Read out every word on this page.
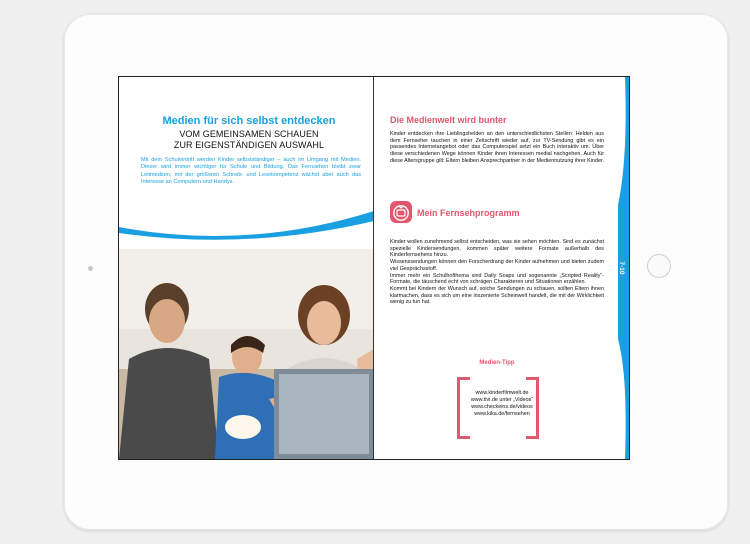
Medien für sich selbst entdecken
VOM GEMEINSAMEN SCHAUEN
ZUR EIGENSTÄNDIGEN AUSWAHL
Mit dem Schuleintritt werden Kinder selbstständiger – auch im Umgang mit Medien. Dieser wird immer wichtiger für Schule und Bildung. Das Fernsehen bleibt zwar Leitmedium, mit der größeren Schreib- und Lesekompetenz wächst aber auch das Interesse an Computern und Handys.
Die Medienwelt wird bunter
Kinder entdecken ihre Lieblingshelden an den unterschiedlichsten Stellen: Helden aus dem Fernseher tauchen in einer Zeitschrift wieder auf, zur TV-Sendung gibt es ein passendes Internetangebot oder das Computerspiel setzt ein Buch interaktiv um. Über diese verschiedenen Wege können Kinder ihren Interessen medial nachgehen. Auch für diese Altersgruppe gilt: Eltern bleiben Ansprechpartner in der Mediennutzung ihrer Kinder.
Mein Fernsehprogramm
Kinder wollen zunehmend selbst entscheiden, was sie sehen möchten. Sind es zunächst spezielle Kindersendungen, kommen später weitere Formate außerhalb des Kinderfernsehens hinzu.
Wissenssendungen können den Forscherdrang der Kinder aufnehmen und bieten zudem viel Gesprächsstoff.
Immer mehr ein Schulhofthema sind Daily Soaps und sogenannte „Scripted Reality“-Formate, die täuschend echt von schrägen Charakteren und Situationen erzählen.
Kommt bei Kindern der Wunsch auf, solche Sendungen zu schauen, sollten Eltern ihnen klarmachen, dass es sich um eine inszenierte Scheinwelt handelt, die mit der Wirklichkeit wenig zu tun hat.
Medien-Tipp
www.kinderfilmwelt.de
www.tivi.de unter „Videos“
www.checkeins.de/videos
www.kika.de/fernsehen
7-10 Jahre
